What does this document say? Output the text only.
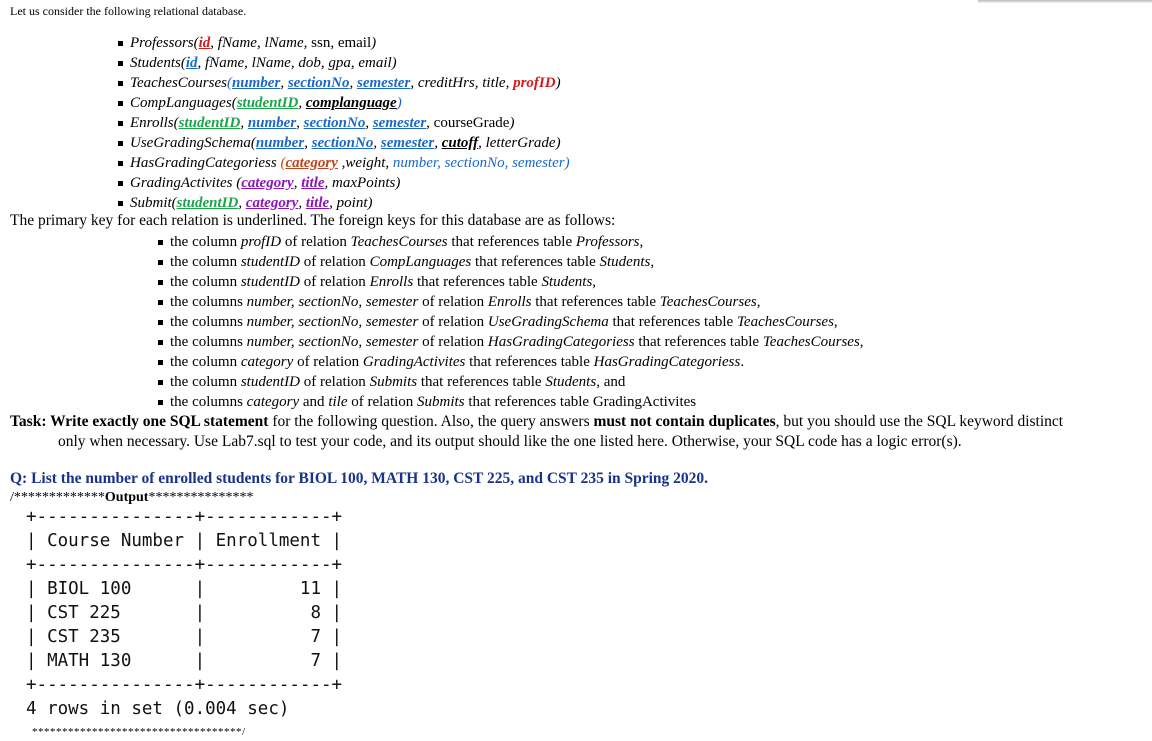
Let us consider the following relational database.
Professors(id, fName, lName, ssn, email)
Students(id, fName, lName, dob, gpa, email)
TeachesCourses(number, sectionNo, semester, creditHrs, title, profID)
CompLanguages(studentID, complanguage)
Enrolls(studentID, number, sectionNo, semester, courseGrade)
UseGradingSchema(number, sectionNo, semester, cutoff, letterGrade)
HasGradingCategoriess (category ,weight, number, sectionNo, semester)
GradingActivites (category, title, maxPoints)
Submit(studentID, category, title, point)
The primary key for each relation is underlined. The foreign keys for this database are as follows:
the column profID of relation TeachesCourses that references table Professors,
the column studentID of relation CompLanguages that references table Students,
the column studentID of relation Enrolls that references table Students,
the columns number, sectionNo, semester of relation Enrolls that references table TeachesCourses,
the columns number, sectionNo, semester of relation UseGradingSchema that references table TeachesCourses,
the columns number, sectionNo, semester of relation HasGradingCategoriess that references table TeachesCourses,
the column category of relation GradingActivites that references table HasGradingCategoriess.
the column studentID of relation Submits that references table Students, and
the columns category and tile of relation Submits that references table GradingActivites
Task: Write exactly one SQL statement for the following question. Also, the query answers must not contain duplicates, but you should use the SQL keyword distinct
only when necessary. Use Lab7.sql to test your code, and its output should like the one listed here. Otherwise, your SQL code has a logic error(s).
Q: List the number of enrolled students for BIOL 100, MATH 130, CST 225, and CST 235 in Spring 2020.
/*************Output***************
+---------------+------------+
| Course Number | Enrollment |
+---------------+------------+
| BIOL 100      |         11 |
| CST 225       |          8 |
| CST 235       |          7 |
| MATH 130      |          7 |
+---------------+------------+
4 rows in set (0.004 sec)
***********************************/
